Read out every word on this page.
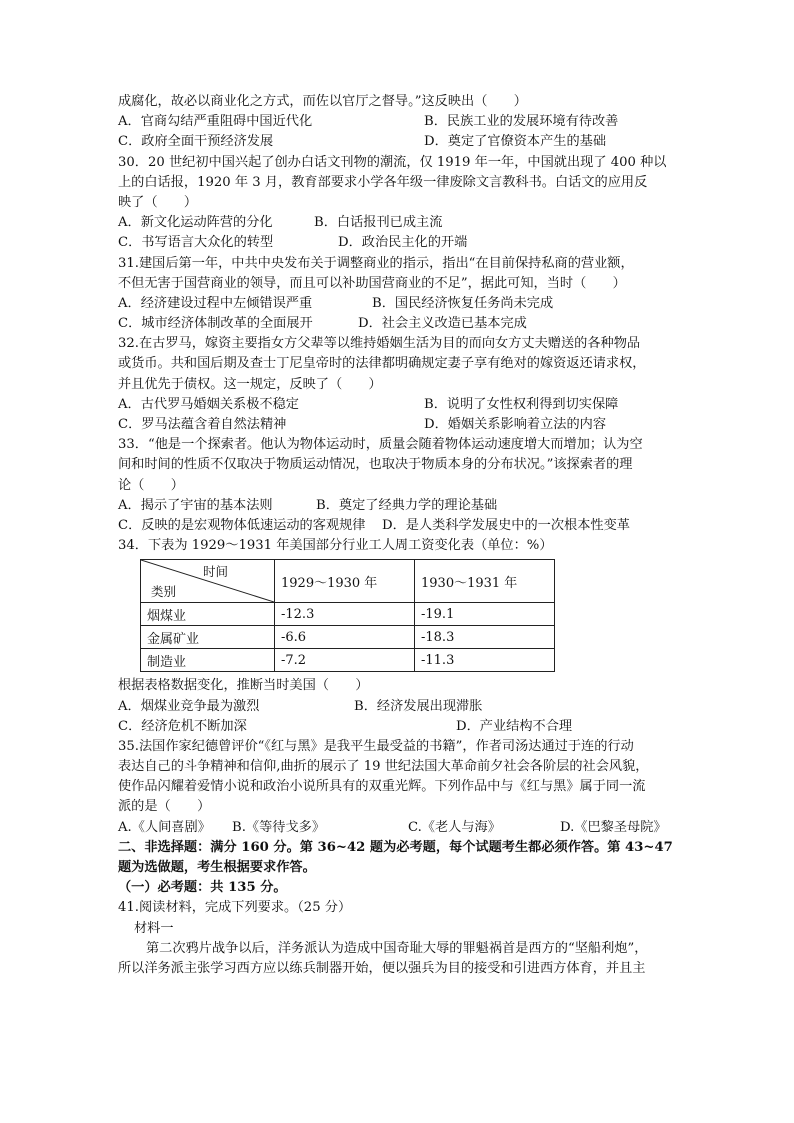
成腐化，故必以商业化之方式，而佐以官厅之督导。”这反映出（　　）
A．官商勾结严重阻碍中国近代化	B．民族工业的发展环境有待改善
C．政府全面干预经济发展	D．奠定了官僚资本产生的基础
30．20 世纪初中国兴起了创办白话文刊物的潮流，仅 1919 年一年，中国就出现了 400 种以
上的白话报，1920 年 3 月，教育部要求小学各年级一律废除文言教科书。白话文的应用反
映了（　　）
A．新文化运动阵营的分化	B．白话报刊已成主流
C．书写语言大众化的转型	D．政治民主化的开端
31.建国后第一年，中共中央发布关于调整商业的指示，指出“在目前保持私商的营业额，
不但无害于国营商业的领导，而且可以补助国营商业的不足”，据此可知，当时（　　）
A．经济建设过程中左倾错误严重	B．国民经济恢复任务尚未完成
C．城市经济体制改革的全面展开	D．社会主义改造已基本完成
32.在古罗马，嫁资主要指女方父辈等以维持婚姻生活为目的而向女方丈夫赠送的各种物品
或货币。共和国后期及查士丁尼皇帝时的法律都明确规定妻子享有绝对的嫁资返还请求权，
并且优先于债权。这一规定，反映了（　　）
A．古代罗马婚姻关系极不稳定	B．说明了女性权利得到切实保障
C．罗马法蕴含着自然法精神	D．婚姻关系影响着立法的内容
33．“他是一个探索者。他认为物体运动时，质量会随着物体运动速度增大而增加；认为空
间和时间的性质不仅取决于物质运动情况，也取决于物质本身的分布状况。”该探索者的理
论（　　）
A．揭示了宇宙的基本法则	B．奠定了经典力学的理论基础
C．反映的是宏观物体低速运动的客观规律 D．是人类科学发展史中的一次根本性变革
34．下表为 1929～1931 年美国部分行业工人周工资变化表（单位：%）
时间
类别	1929～1930 年	1930～1931 年
烟煤业	-12.3	-19.1
金属矿业	-6.6	-18.3
制造业	-7.2	-11.3
根据表格数据变化，推断当时美国（　　）
A．烟煤业竞争最为激烈	B．经济发展出现滞胀
C．经济危机不断加深	D．产业结构不合理
35.法国作家纪德曾评价“《红与黑》是我平生最受益的书籍”，作者司汤达通过于连的行动
表达自己的斗争精神和信仰,曲折的展示了 19 世纪法国大革命前夕社会各阶层的社会风貌，
使作品闪耀着爱情小说和政治小说所具有的双重光辉。下列作品中与《红与黑》属于同一流
派的是（　　）
A.《人间喜剧》 B.《等待戈多》	C.《老人与海》	D.《巴黎圣母院》
二、非选择题：满分 160 分。第 36~42 题为必考题，每个试题考生都必须作答。第 43~47
题为选做题，考生根据要求作答。
（一）必考题：共 135 分。
41.阅读材料，完成下列要求。（25 分）
材料一
第二次鸦片战争以后，洋务派认为造成中国奇耻大辱的罪魁祸首是西方的“坚船利炮”，
所以洋务派主张学习西方应以练兵制器开始，便以强兵为目的接受和引进西方体育，并且主
